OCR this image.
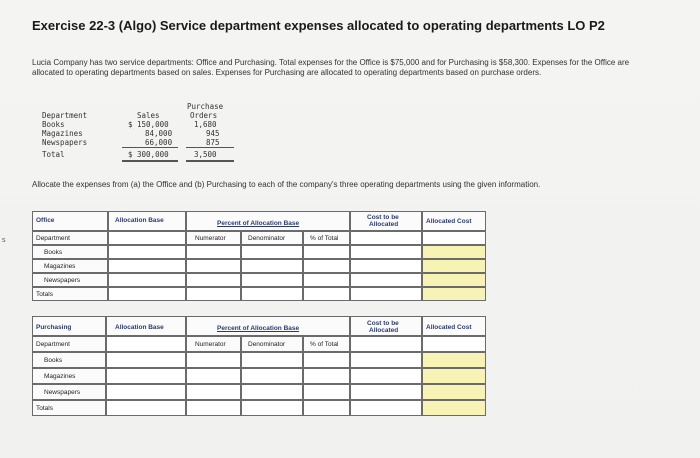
Exercise 22-3 (Algo) Service department expenses allocated to operating departments LO P2
Lucia Company has two service departments: Office and Purchasing. Total expenses for the Office is $75,000 and for Purchasing is $58,300. Expenses for the Office are allocated to operating departments based on sales. Expenses for Purchasing are allocated to operating departments based on purchase orders.
Purchase
Department	Sales	Orders
Books	$ 150,000	1,680
Magazines	84,000	945
Newspapers	66,000	875
Total	$ 300,000	3,500
Allocate the expenses from (a) the Office and (b) Purchasing to each of the company's three operating departments using the given information.
s
Office	Allocation Base	Percent of Allocation Base
Cost to be
Allocated	Allocated Cost
Department	Numerator	Denominator	% of Total
Books
Magazines
Newspapers
Totals
Purchasing	Allocation Base	Percent of Allocation Base
Cost to be
Allocated	Allocated Cost
Department	Numerator	Denominator	% of Total
Books
Magazines
Newspapers
Totals
